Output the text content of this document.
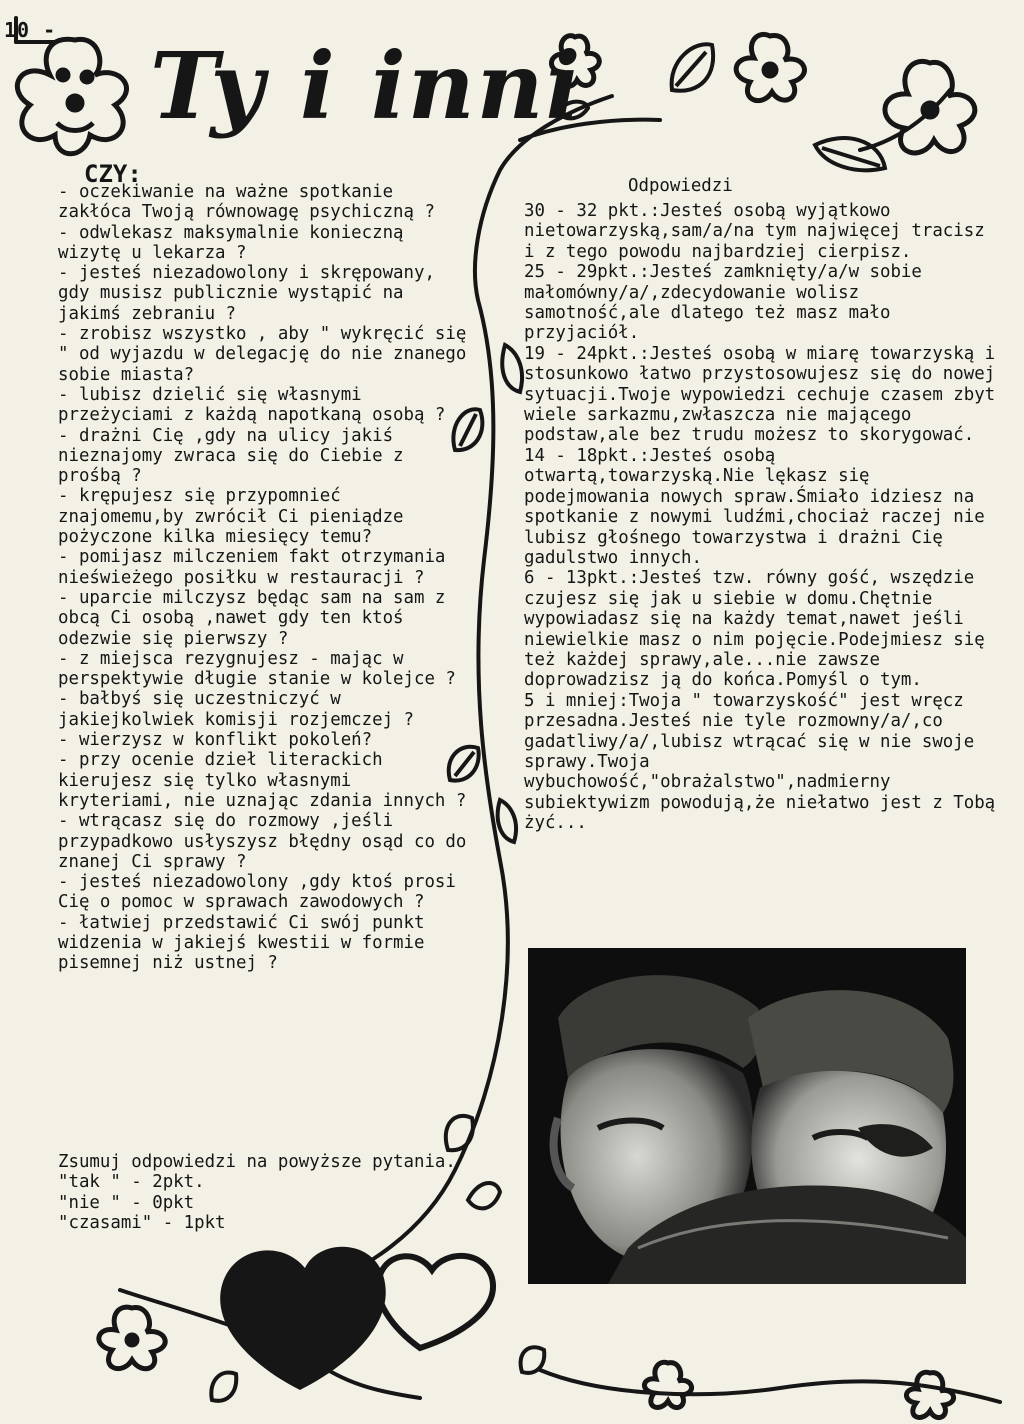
10 -
Ty i inni
CZY:

- oczekiwanie na ważne spotkanie zakłóca Twoją równowagę psychiczną ?

- odwlekasz maksymalnie konieczną wizytę u lekarza ?

- jesteś niezadowolony i skrępowany, gdy musisz publicznie wystąpić na jakimś zebraniu ?

- zrobisz wszystko , aby " wykręcić się " od wyjazdu w delegację do nie znanego sobie miasta?

- lubisz dzielić się własnymi przeżyciami z każdą napotkaną osobą ?

- drażni Cię ,gdy na ulicy jakiś nieznajomy zwraca się do Ciebie z prośbą ?

- krępujesz się przypomnieć znajomemu,by zwrócił Ci pieniądze pożyczone kilka miesięcy temu?

- pomijasz milczeniem fakt otrzymania nieświeżego posiłku w restauracji ?

- uparcie milczysz będąc sam na sam z obcą Ci osobą ,nawet gdy ten ktoś odezwie się pierwszy ?

- z miejsca rezygnujesz - mając w perspektywie długie stanie w kolejce ?

- bałbyś się uczestniczyć w jakiejkolwiek komisji rozjemczej ?

- wierzysz w konflikt pokoleń?

- przy ocenie dzieł literackich kierujesz się tylko własnymi kryteriami, nie uznając zdania innych ?

- wtrącasz się do rozmowy ,jeśli przypadkowo usłyszysz błędny osąd co do znanej Ci sprawy ?

- jesteś niezadowolony ,gdy ktoś prosi Cię o pomoc w sprawach zawodowych ?

- łatwiej przedstawić Ci swój punkt widzenia w jakiejś kwestii w formie pisemnej niż ustnej ?

Zsumuj odpowiedzi na powyższe pytania.
"tak " - 2pkt.
"nie " - 0pkt
"czasami" - 1pkt
Odpowiedzi

30 - 32 pkt.:Jesteś osobą wyjątkowo nietowarzyską,sam/a/na tym najwięcej tracisz i z tego powodu najbardziej cierpisz.

25 - 29pkt.:Jesteś zamknięty/a/w sobie małomówny/a/,zdecydowanie wolisz samotność,ale dlatego też masz mało przyjaciół.

19 - 24pkt.:Jesteś osobą w miarę towarzyską i stosunkowo łatwo przystosowujesz się do nowej sytuacji.Twoje wypowiedzi cechuje czasem zbyt wiele sarkazmu,zwłaszcza nie mającego podstaw,ale bez trudu możesz to skorygować.

14 - 18pkt.:Jesteś osobą otwartą,towarzyską.Nie lękasz się podejmowania nowych spraw.Śmiało idziesz na spotkanie z nowymi ludźmi,chociaż raczej nie lubisz głośnego towarzystwa i drażni Cię gadulstwo innych.

6 - 13pkt.:Jesteś tzw. równy gość, wszędzie czujesz się jak u siebie w domu.Chętnie wypowiadasz się na każdy temat,nawet jeśli niewielkie masz o nim pojęcie.Podejmiesz się też każdej sprawy,ale...nie zawsze doprowadzisz ją do końca.Pomyśl o tym.

5 i mniej:Twoja " towarzyskość" jest wręcz przesadna.Jesteś nie tyle rozmowny/a/,co gadatliwy/a/,lubisz wtrącać się w nie swoje sprawy.Twoja wybuchowość,"obrażalstwo",nadmierny subiektywizm powodują,że niełatwo jest z Tobą żyć...
